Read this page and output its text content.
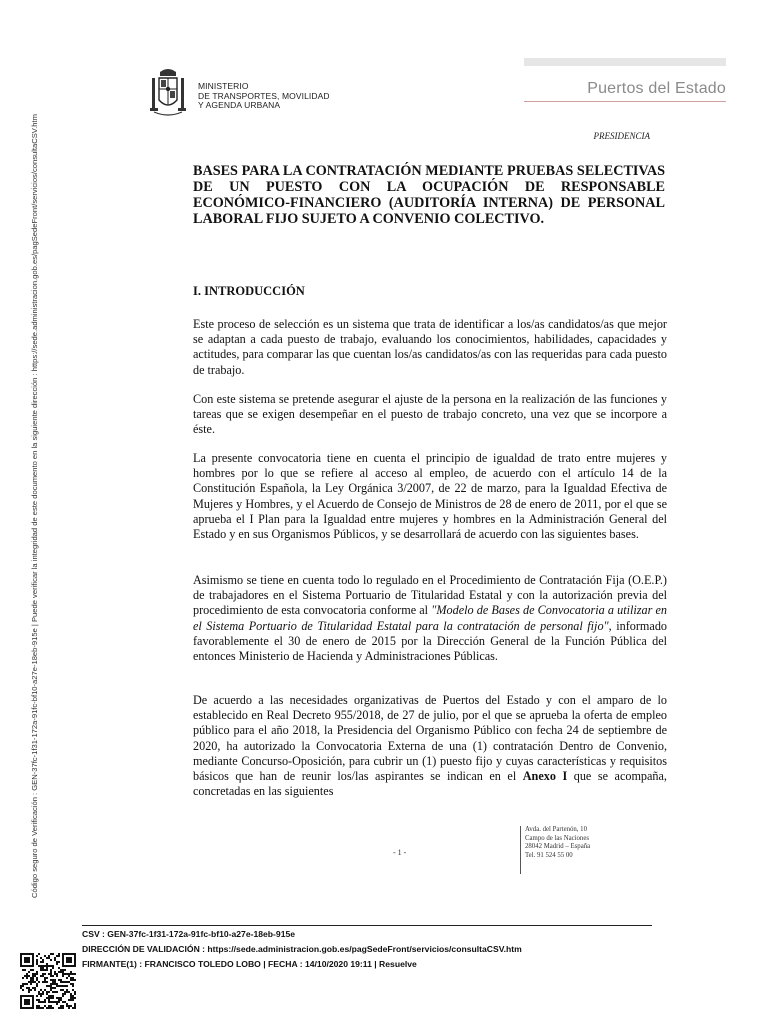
Código seguro de Verificación : GEN-37fc-1f31-172a-91fc-bf10-a27e-18eb-915e | Puede verificar la integridad de este documento en la siguiente dirección : https://sede.administracion.gob.es/pagSedeFront/servicios/consultaCSV.htm
MINISTERIO
DE TRANSPORTES, MOVILIDAD
Y AGENDA URBANA
Puertos del Estado
PRESIDENCIA
BASES PARA LA CONTRATACIÓN MEDIANTE PRUEBAS SELECTIVAS DE UN PUESTO CON LA OCUPACIÓN DE RESPONSABLE ECONÓMICO-FINANCIERO (AUDITORÍA INTERNA) DE PERSONAL LABORAL FIJO SUJETO A CONVENIO COLECTIVO.
I. INTRODUCCIÓN
Este proceso de selección es un sistema que trata de identificar a los/as candidatos/as que mejor se adaptan a cada puesto de trabajo, evaluando los conocimientos, habilidades, capacidades y actitudes, para comparar las que cuentan los/as candidatos/as con las requeridas para cada puesto de trabajo.
Con este sistema se pretende asegurar el ajuste de la persona en la realización de las funciones y tareas que se exigen desempeñar en el puesto de trabajo concreto, una vez que se incorpore a éste.
La presente convocatoria tiene en cuenta el principio de igualdad de trato entre mujeres y hombres por lo que se refiere al acceso al empleo, de acuerdo con el artículo 14 de la Constitución Española, la Ley Orgánica 3/2007, de 22 de marzo, para la Igualdad Efectiva de Mujeres y Hombres, y el Acuerdo de Consejo de Ministros de 28 de enero de 2011, por el que se aprueba el I Plan para la Igualdad entre mujeres y hombres en la Administración General del Estado y en sus Organismos Públicos, y se desarrollará de acuerdo con las siguientes bases.
Asimismo se tiene en cuenta todo lo regulado en el Procedimiento de Contratación Fija (O.E.P.) de trabajadores en el Sistema Portuario de Titularidad Estatal y con la autorización previa del procedimiento de esta convocatoria conforme al "Modelo de Bases de Convocatoria a utilizar en el Sistema Portuario de Titularidad Estatal para la contratación de personal fijo", informado favorablemente el 30 de enero de 2015 por la Dirección General de la Función Pública del entonces Ministerio de Hacienda y Administraciones Públicas.
De acuerdo a las necesidades organizativas de Puertos del Estado y con el amparo de lo establecido en Real Decreto 955/2018, de 27 de julio, por el que se aprueba la oferta de empleo público para el año 2018, la Presidencia del Organismo Público con fecha 24 de septiembre de 2020, ha autorizado la Convocatoria Externa de una (1) contratación Dentro de Convenio, mediante Concurso-Oposición, para cubrir un (1) puesto fijo y cuyas características y requisitos básicos que han de reunir los/las aspirantes se indican en el Anexo I que se acompaña, concretadas en las siguientes
- 1 -
Avda. del Partenón, 10
Campo de las Naciones
28042 Madrid – España
Tel. 91 524 55 00
CSV : GEN-37fc-1f31-172a-91fc-bf10-a27e-18eb-915e
DIRECCIÓN DE VALIDACIÓN : https://sede.administracion.gob.es/pagSedeFront/servicios/consultaCSV.htm
FIRMANTE(1) : FRANCISCO TOLEDO LOBO | FECHA : 14/10/2020 19:11 | Resuelve
